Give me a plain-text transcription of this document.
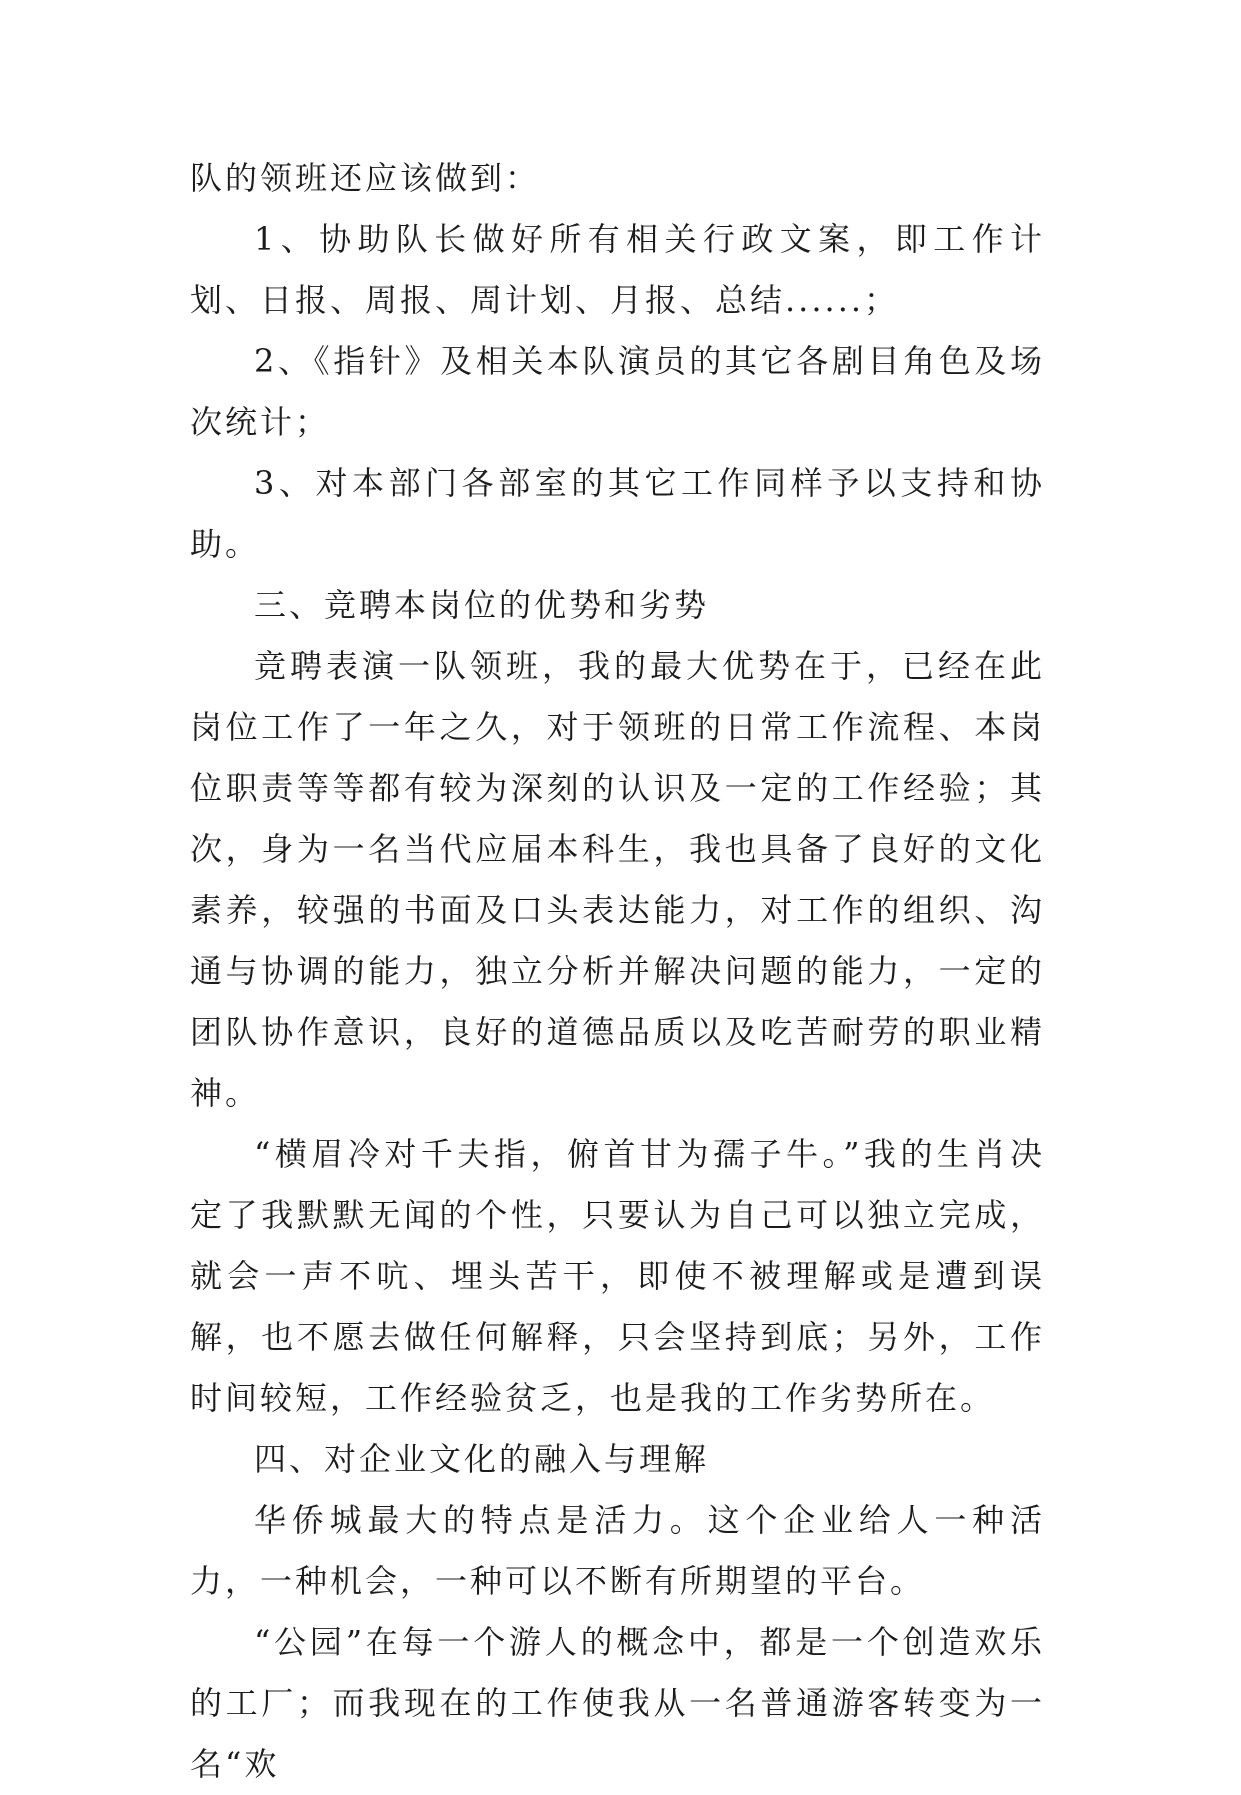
队的领班还应该做到：

1、协助队长做好所有相关行政文案，即工作计划、日报、周报、周计划、月报、总结......；

2、《指针》及相关本队演员的其它各剧目角色及场次统计；

3、对本部门各部室的其它工作同样予以支持和协助。

三、竞聘本岗位的优势和劣势

竞聘表演一队领班，我的最大优势在于，已经在此岗位工作了一年之久，对于领班的日常工作流程、本岗位职责等等都有较为深刻的认识及一定的工作经验；其次，身为一名当代应届本科生，我也具备了良好的文化素养，较强的书面及口头表达能力，对工作的组织、沟通与协调的能力，独立分析并解决问题的能力，一定的团队协作意识，良好的道德品质以及吃苦耐劳的职业精神。

“横眉冷对千夫指，俯首甘为孺子牛。”我的生肖决定了我默默无闻的个性，只要认为自己可以独立完成，就会一声不吭、埋头苦干，即使不被理解或是遭到误解，也不愿去做任何解释，只会坚持到底；另外，工作时间较短，工作经验贫乏，也是我的工作劣势所在。

四、对企业文化的融入与理解

华侨城最大的特点是活力。这个企业给人一种活力，一种机会，一种可以不断有所期望的平台。

“公园”在每一个游人的概念中，都是一个创造欢乐的工厂；而我现在的工作使我从一名普通游客转变为一名“欢
